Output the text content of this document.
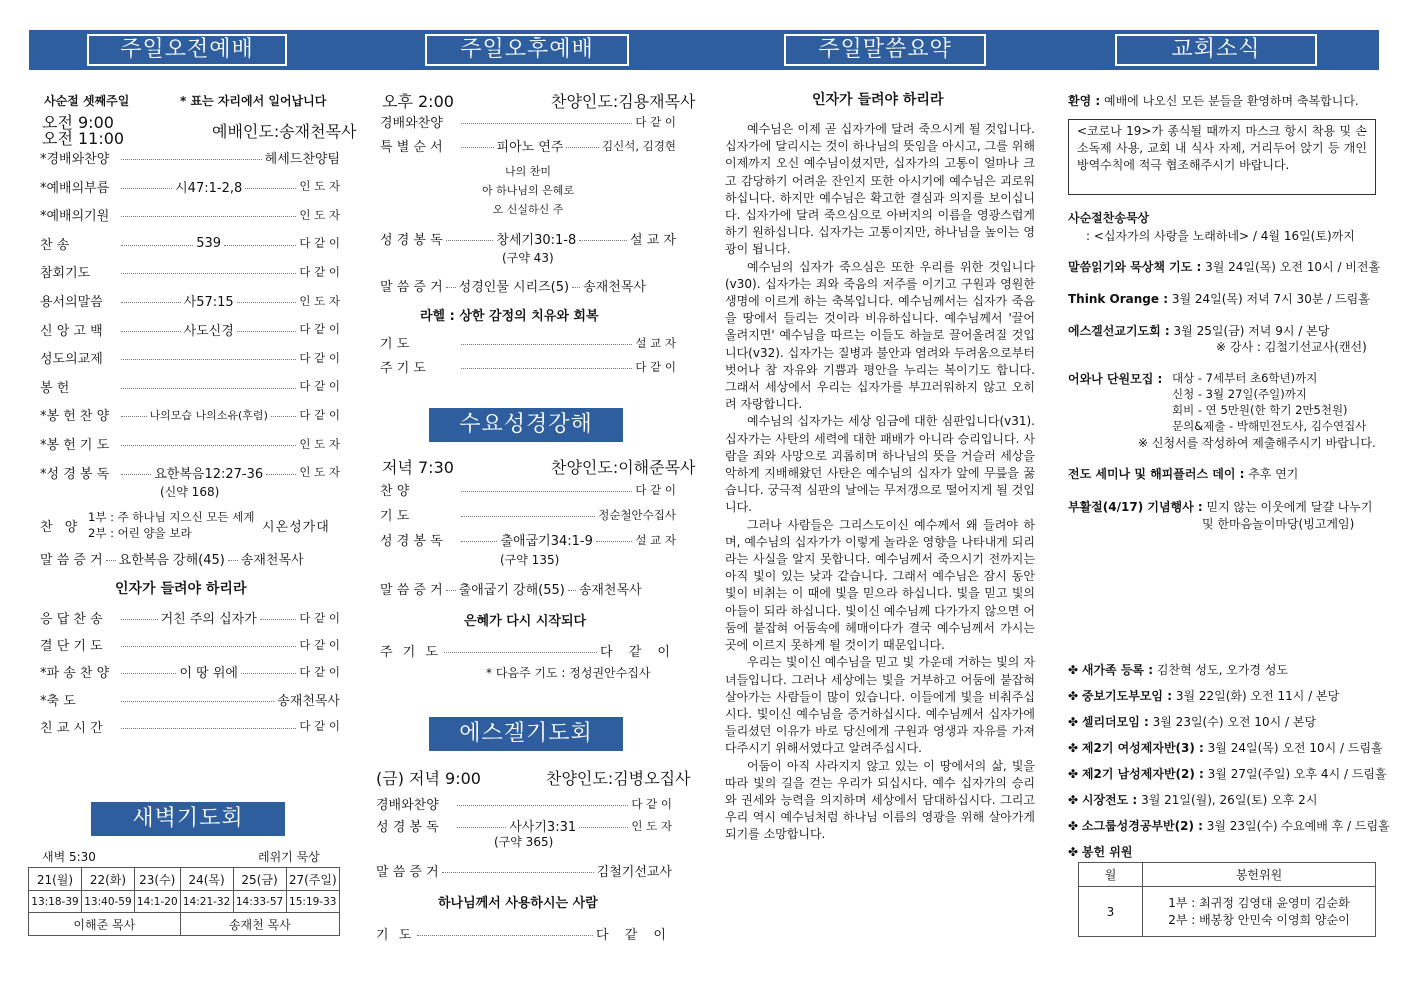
주일오전예배	주일오후예배	주일말씀요약	교회소식
사순절 셋째주일	* 표는 자리에서 일어납니다
오전 9:00
오전 11:00	예배인도:송재천목사
*경배와찬양	헤세드찬양팀
*예배의부름	시47:1-2,8	인 도 자
*예배의기원	인 도 자
찬 송	539	다 같 이
참회기도	다 같 이
용서의말씀	사57:15	인 도 자
신 앙 고 백	사도신경	다 같 이
성도의교제	다 같 이
봉 헌	다 같 이
*봉 헌 찬 양	나의모습 나의소유(후렴)	다 같 이
*봉 헌 기 도	인 도 자
*성 경 봉 독	요한복음12:27-36	인 도 자
(신약 168)
찬 양
1부 : 주 하나님 지으신 모든 세계
2부 : 어린 양을 보라	시온성가대
말 씀 증 거 요한복음 강해(45) 송재천목사
인자가 들려야 하리라
응 답 찬 송	거친 주의 십자가	다 같 이
결 단 기 도	다 같 이
*파 송 찬 양	이 땅 위에	다 같 이
*축 도	송재천목사
친 교 시 간	다 같 이
새벽기도회
새벽 5:30	레위기 묵상
21(월)	22(화)	23(수)	24(목)	25(금)	27(주일)
13:18-39	13:40-59	14:1-20	14:21-32	14:33-57	15:19-33
이해준 목사			송재천 목사		
오후 2:00	찬양인도:김용재목사
경배와찬양	다 같 이
특 별 순 서	피아노 연주	김신석, 김경현
나의 찬미
아 하나님의 은혜로
오 신실하신 주
성 경 봉 독	창세기30:1-8	설 교 자
(구약 43)
말 씀 증 거 성경인물 시리즈(5) 송재천목사
라헬 : 상한 감정의 치유와 회복
기 도	설 교 자
주 기 도	다 같 이
수요성경강해
저녁 7:30	찬양인도:이해준목사
찬 양	다 같 이
기 도	정순철안수집사
성 경 봉 독	출애굽기34:1-9	설 교 자
(구약 135)
말 씀 증 거 출애굽기 강해(55) 송재천목사
은혜가 다시 시작되다
주 기 도	다 같 이
* 다음주 기도 : 정성권안수집사
에스겔기도회
(금) 저녁 9:00	찬양인도:김병오집사
경배와찬양	다 같 이
성 경 봉 독	사사기3:31	인 도 자
(구약 365)
말 씀 증 거	김철기선교사
하나님께서 사용하시는 사람
기 도	다 같 이
인자가 들려야 하리라

예수님은 이제 곧 십자가에 달려 죽으시게 될 것입니다. 십자가에 달리시는 것이 하나님의 뜻임을 아시고, 그를 위해 이제까지 오신 예수님이셨지만, 십자가의 고통이 얼마나 크고 감당하기 어려운 잔인지 또한 아시기에 예수님은 괴로워하십니다. 하지만 예수님은 확고한 결심과 의지를 보이십니다. 십자가에 달려 죽으심으로 아버지의 이름을 영광스럽게 하기 원하십니다. 십자가는 고통이지만, 하나님을 높이는 영광이 됩니다.

예수님의 십자가 죽으심은 또한 우리를 위한 것입니다(v30). 십자가는 죄와 죽음의 저주를 이기고 구원과 영원한 생명에 이르게 하는 축복입니다. 예수님께서는 십자가 죽음을 땅에서 들리는 것이라 비유하십니다. 예수님께서 '끌어 올려지면' 예수님을 따르는 이들도 하늘로 끌어올려질 것입니다(v32). 십자가는 질병과 불안과 염려와 두려움으로부터 벗어나 참 자유와 기쁨과 평안을 누리는 복이기도 합니다. 그래서 세상에서 우리는 십자가를 부끄러워하지 않고 오히려 자랑합니다.

예수님의 십자가는 세상 임금에 대한 심판입니다(v31). 십자가는 사탄의 세력에 대한 패배가 아니라 승리입니다. 사람을 죄와 사망으로 괴롭히며 하나님의 뜻을 거슬러 세상을 악하게 지배해왔던 사탄은 예수님의 십자가 앞에 무릎을 꿇습니다. 궁극적 심판의 날에는 무저갱으로 떨어지게 될 것입니다.

그러나 사람들은 그리스도이신 예수께서 왜 들려야 하며, 예수님의 십자가가 이렇게 놀라운 영향을 나타내게 되리라는 사실을 알지 못합니다. 예수님께서 죽으시기 전까지는 아직 빛이 있는 낮과 같습니다. 그래서 예수님은 잠시 동안 빛이 비취는 이 때에 빛을 믿으라 하십니다. 빛을 믿고 빛의 아들이 되라 하십니다. 빛이신 예수님께 다가가지 않으면 어둠에 붙잡혀 어둠속에 헤매이다가 결국 예수님께서 가시는 곳에 이르지 못하게 될 것이기 때문입니다.

우리는 빛이신 예수님을 믿고 빛 가운데 거하는 빛의 자녀들입니다. 그러나 세상에는 빛을 거부하고 어둠에 붙잡혀 살아가는 사람들이 많이 있습니다. 이들에게 빛을 비춰주십시다. 빛이신 예수님을 증거하십시다. 예수님께서 십자가에 들리셨던 이유가 바로 당신에게 구원과 영생과 자유를 가져다주시기 위해서였다고 알려주십시다.

어둠이 아직 사라지지 않고 있는 이 땅에서의 삶, 빛을 따라 빛의 길을 걷는 우리가 되십시다. 예수 십자가의 승리와 권세와 능력을 의지하며 세상에서 담대하십시다. 그리고 우리 역시 예수님처럼 하나님 이름의 영광을 위해 살아가게 되기를 소망합니다.

환영 : 예배에 나오신 모든 분들을 환영하며 축복합니다.
<코로나 19>가 종식될 때까지 마스크 항시 착용 및 손소독제 사용, 교회 내 식사 자제, 거리두어 앉기 등 개인방역수칙에 적극 협조해주시기 바랍니다.
사순절찬송묵상
: <십자가의 사랑을 노래하네> / 4월 16일(토)까지
말씀읽기와 묵상책 기도 : 3월 24일(목) 오전 10시 / 비전홀
Think Orange : 3월 24일(목) 저녁 7시 30분 / 드림홀
에스겔선교기도회 : 3월 25일(금) 저녁 9시 / 본당
※ 강사 : 김철기선교사(캔선)
어와나 단원모집 : 대상 - 7세부터 초6학년)까지
신청 - 3월 27일(주일)까지
회비 - 연 5만원(한 학기 2만5천원)
문의&제출 - 박해민전도사, 김수연집사
※ 신청서를 작성하여 제출해주시기 바랍니다.
전도 세미나 및 해피플러스 데이 : 추후 연기
부활절(4/17) 기념행사 : 믿지 않는 이웃에게 달걀 나누기
및 한마음놀이마당(빙고게임)
✤ 새가족 등록 : 김찬혁 성도, 오가경 성도
✤ 중보기도부모임 : 3월 22일(화) 오전 11시 / 본당
✤ 셀리더모임 : 3월 23일(수) 오전 10시 / 본당
✤ 제2기 여성제자반(3) : 3월 24일(목) 오전 10시 / 드림홀
✤ 제2기 남성제자반(2) : 3월 27일(주일) 오후 4시 / 드림홀
✤ 시장전도 : 3월 21일(월), 26일(토) 오후 2시
✤ 소그룹성경공부반(2) : 3월 23일(수) 수요예배 후 / 드림홀
✤ 봉헌 위원
월	봉헌위원
3	1부 : 최귀정 김영대 윤영미 김순화
2부 : 배봉창 안민숙 이영희 양순이
